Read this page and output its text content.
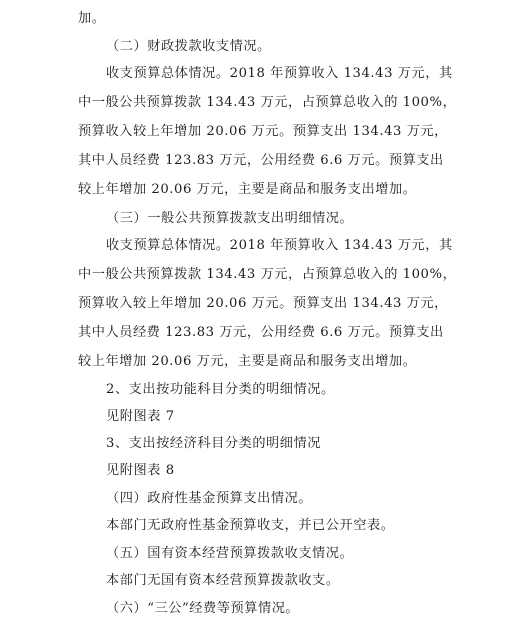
加。
（二）财政拨款收支情况。
收支预算总体情况。2018 年预算收入 134.43 万元，其
中一般公共预算拨款 134.43 万元，占预算总收入的 100%，
预算收入较上年增加 20.06 万元。预算支出 134.43 万元，
其中人员经费 123.83 万元，公用经费 6.6 万元。预算支出
较上年增加 20.06 万元，主要是商品和服务支出增加。
（三）一般公共预算拨款支出明细情况。
收支预算总体情况。2018 年预算收入 134.43 万元，其
中一般公共预算拨款 134.43 万元，占预算总收入的 100%，
预算收入较上年增加 20.06 万元。预算支出 134.43 万元，
其中人员经费 123.83 万元，公用经费 6.6 万元。预算支出
较上年增加 20.06 万元，主要是商品和服务支出增加。
2、支出按功能科目分类的明细情况。
见附图表 7
3、支出按经济科目分类的明细情况
见附图表 8
（四）政府性基金预算支出情况。
本部门无政府性基金预算收支，并已公开空表。
（五）国有资本经营预算拨款收支情况。
本部门无国有资本经营预算拨款收支。
（六）“三公”经费等预算情况。
